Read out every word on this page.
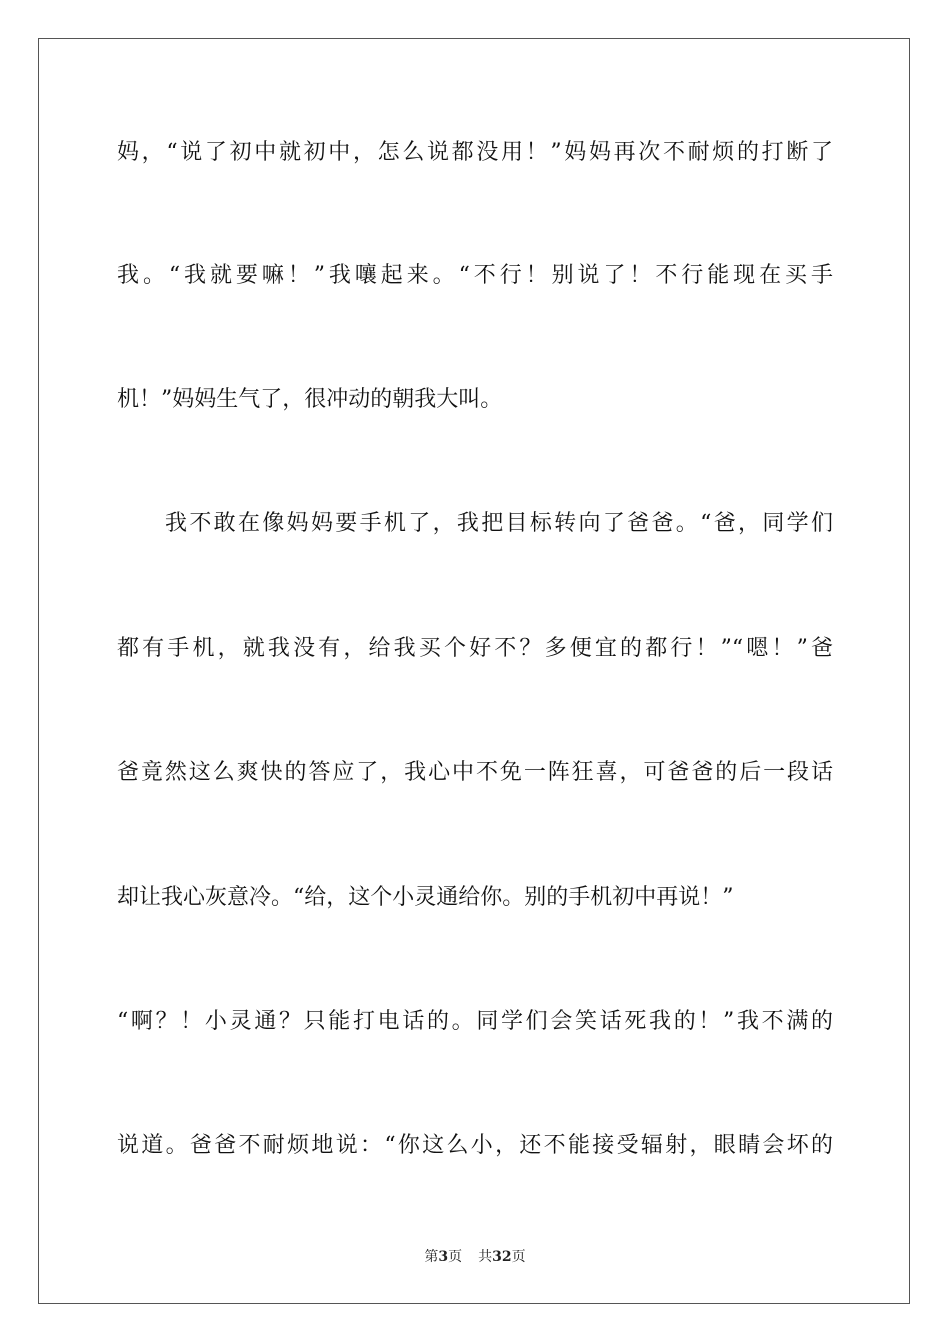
妈，“说了初中就初中，怎么说都没用！”妈妈再次不耐烦的打断了
我。“我就要嘛！”我嚷起来。“不行！别说了！不行能现在买手
机！”妈妈生气了，很冲动的朝我大叫。
我不敢在像妈妈要手机了，我把目标转向了爸爸。“爸，同学们
都有手机，就我没有，给我买个好不？多便宜的都行！”“嗯！”爸
爸竟然这么爽快的答应了，我心中不免一阵狂喜，可爸爸的后一段话
却让我心灰意冷。“给，这个小灵通给你。别的手机初中再说！”
“啊？！小灵通？只能打电话的。同学们会笑话死我的！”我不满的
说道。爸爸不耐烦地说：“你这么小，还不能接受辐射，眼睛会坏的
第3页 共32页
